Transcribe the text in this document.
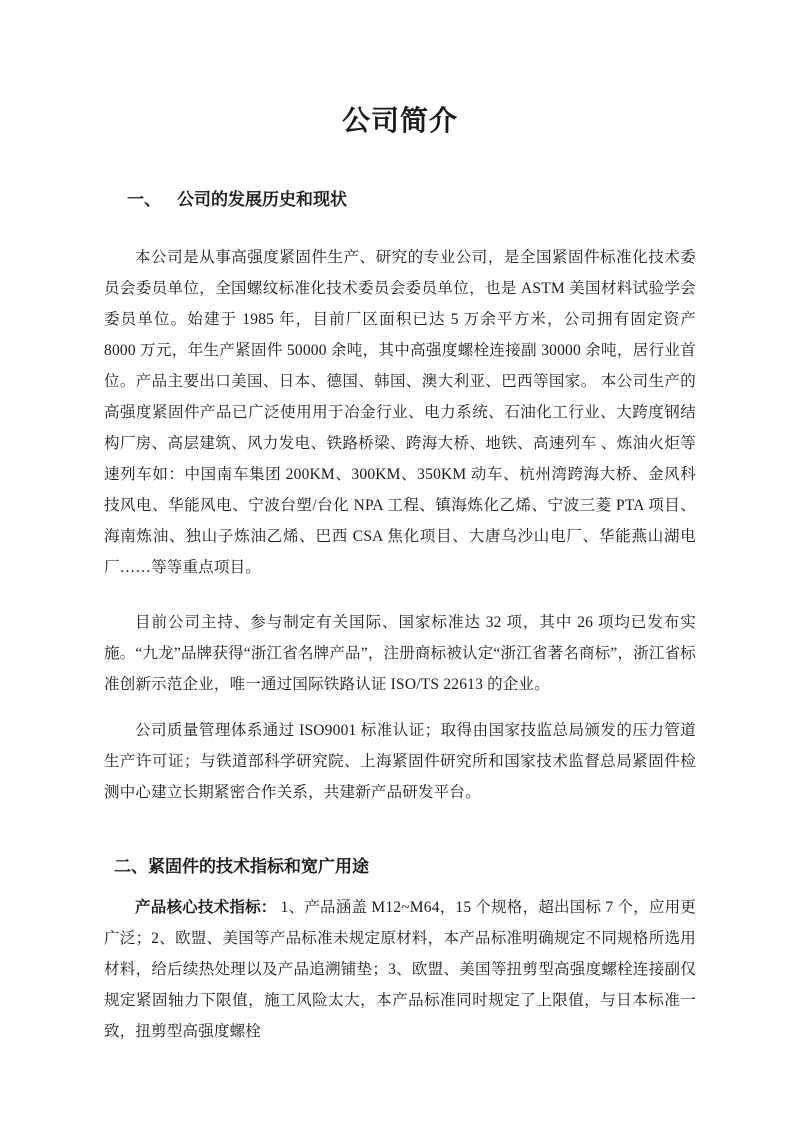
公司简介
一、 公司的发展历史和现状

本公司是从事高强度紧固件生产、研究的专业公司，是全国紧固件标准化技术委员会委员单位，全国螺纹标准化技术委员会委员单位，也是 ASTM 美国材料试验学会委员单位。始建于 1985 年，目前厂区面积已达 5 万余平方米，公司拥有固定资产 8000 万元，年生产紧固件 50000 余吨，其中高强度螺栓连接副 30000 余吨，居行业首位。产品主要出口美国、日本、德国、韩国、澳大利亚、巴西等国家。 本公司生产的高强度紧固件产品已广泛使用用于冶金行业、电力系统、石油化工行业、大跨度钢结构厂房、高层建筑、风力发电、铁路桥梁、跨海大桥、地铁、高速列车 、炼油火炬等速列车如：中国南车集团 200KM、300KM、350KM 动车、杭州湾跨海大桥、金风科技风电、华能风电、宁波台塑/台化 NPA 工程、镇海炼化乙烯、宁波三菱 PTA 项目、海南炼油、独山子炼油乙烯、巴西 CSA 焦化项目、大唐乌沙山电厂、华能燕山湖电厂……等等重点项目。

目前公司主持、参与制定有关国际、国家标准达 32 项，其中 26 项均已发布实施。“九龙”品牌获得“浙江省名牌产品”，注册商标被认定“浙江省著名商标”，浙江省标准创新示范企业，唯一通过国际铁路认证 ISO/TS 22613 的企业。

公司质量管理体系通过 ISO9001 标准认证；取得由国家技监总局颁发的压力管道生产许可证；与铁道部科学研究院、上海紧固件研究所和国家技术监督总局紧固件检测中心建立长期紧密合作关系，共建新产品研发平台。

二、紧固件的技术指标和宽广用途

产品核心技术指标： 1、产品涵盖 M12~M64，15 个规格，超出国标 7 个，应用更广泛；2、欧盟、美国等产品标准未规定原材料，本产品标准明确规定不同规格所选用材料，给后续热处理以及产品追溯铺垫；3、欧盟、美国等扭剪型高强度螺栓连接副仅规定紧固轴力下限值，施工风险太大，本产品标准同时规定了上限值，与日本标准一致，扭剪型高强度螺栓
